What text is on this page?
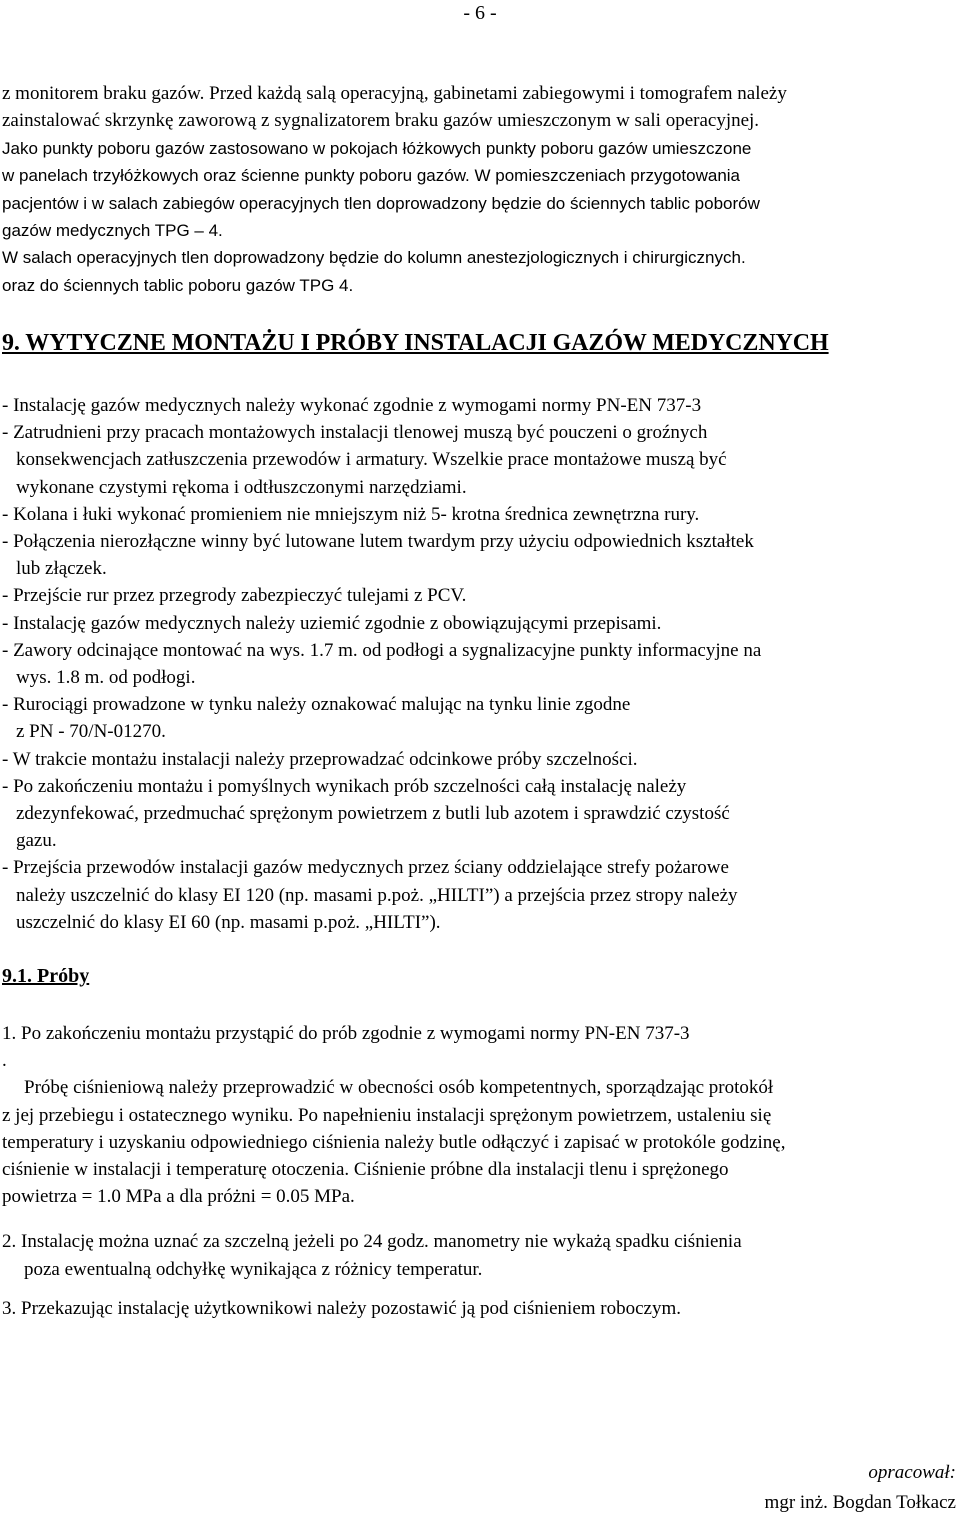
- 6 -
z monitorem braku gazów. Przed każdą salą operacyjną, gabinetami zabiegowymi i tomografem należy
zainstalować skrzynkę zaworową z sygnalizatorem braku gazów umieszczonym w sali operacyjnej.
Jako punkty poboru gazów zastosowano w pokojach łóżkowych punkty poboru gazów umieszczone
w panelach trzyłóżkowych oraz ścienne punkty poboru gazów. W pomieszczeniach przygotowania
pacjentów i w salach zabiegów operacyjnych tlen doprowadzony będzie do ściennych tablic poborów
gazów medycznych TPG – 4.
W salach operacyjnych tlen doprowadzony będzie do kolumn anestezjologicznych i chirurgicznych.
oraz do ściennych tablic poboru gazów TPG 4.
9. WYTYCZNE MONTAŻU I PRÓBY INSTALACJI GAZÓW MEDYCZNYCH
- Instalację gazów medycznych należy wykonać zgodnie z wymogami normy PN-EN 737-3
- Zatrudnieni przy pracach montażowych instalacji tlenowej muszą być pouczeni o groźnych
konsekwencjach zatłuszczenia przewodów i armatury. Wszelkie prace montażowe muszą być
wykonane czystymi rękoma i odtłuszczonymi narzędziami.
- Kolana i łuki wykonać promieniem nie mniejszym niż 5- krotna średnica zewnętrzna rury.
- Połączenia nierozłączne winny być lutowane lutem twardym przy użyciu odpowiednich kształtek
lub złączek.
- Przejście rur przez przegrody zabezpieczyć tulejami z PCV.
- Instalację gazów medycznych należy uziemić zgodnie z obowiązującymi przepisami.
- Zawory odcinające montować na wys. 1.7 m. od podłogi a sygnalizacyjne punkty informacyjne na
wys. 1.8 m. od podłogi.
- Rurociągi prowadzone w tynku należy oznakować malując na tynku linie zgodne
z PN - 70/N-01270.
- W trakcie montażu instalacji należy przeprowadzać odcinkowe próby szczelności.
- Po zakończeniu montażu i pomyślnych wynikach prób szczelności całą instalację należy
zdezynfekować, przedmuchać sprężonym powietrzem z butli lub azotem i sprawdzić czystość
gazu.
- Przejścia przewodów instalacji gazów medycznych przez ściany oddzielające strefy pożarowe
należy uszczelnić do klasy EI 120 (np. masami p.poż. „HILTI”) a przejścia przez stropy należy
uszczelnić do klasy EI 60 (np. masami p.poż. „HILTI”).
9.1. Próby
1. Po zakończeniu montażu przystąpić do prób zgodnie z wymogami normy PN-EN 737-3
.
Próbę ciśnieniową należy przeprowadzić w obecności osób kompetentnych, sporządzając protokół
z jej przebiegu i ostatecznego wyniku. Po napełnieniu instalacji sprężonym powietrzem, ustaleniu się
temperatury i uzyskaniu odpowiedniego ciśnienia należy butle odłączyć i zapisać w protokóle godzinę,
ciśnienie w instalacji i temperaturę otoczenia. Ciśnienie próbne dla instalacji tlenu i sprężonego
powietrza = 1.0 MPa a dla próżni = 0.05 MPa.
2. Instalację można uznać za szczelną jeżeli po 24 godz. manometry nie wykażą spadku ciśnienia
poza ewentualną odchyłkę wynikająca z różnicy temperatur.
3. Przekazując instalację użytkownikowi należy pozostawić ją pod ciśnieniem roboczym.
opracował:
mgr inż. Bogdan Tołkacz
